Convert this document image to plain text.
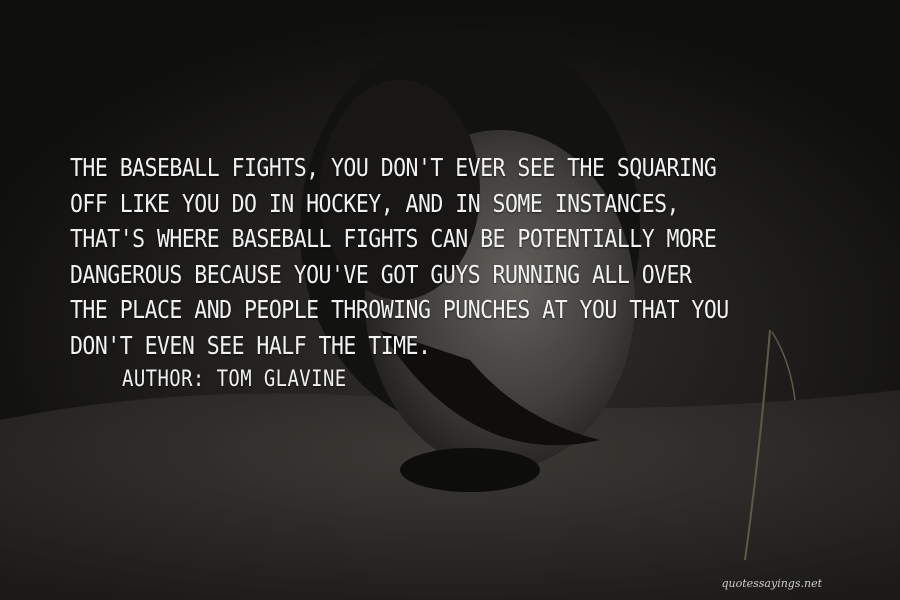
THE BASEBALL FIGHTS, YOU DON'T EVER SEE THE SQUARING OFF LIKE YOU DO IN HOCKEY, AND IN SOME INSTANCES, THAT'S WHERE BASEBALL FIGHTS CAN BE POTENTIALLY MORE DANGEROUS BECAUSE YOU'VE GOT GUYS RUNNING ALL OVER THE PLACE AND PEOPLE THROWING PUNCHES AT YOU THAT YOU DON'T EVEN SEE HALF THE TIME.

AUTHOR: TOM GLAVINE

quotessayings.net
